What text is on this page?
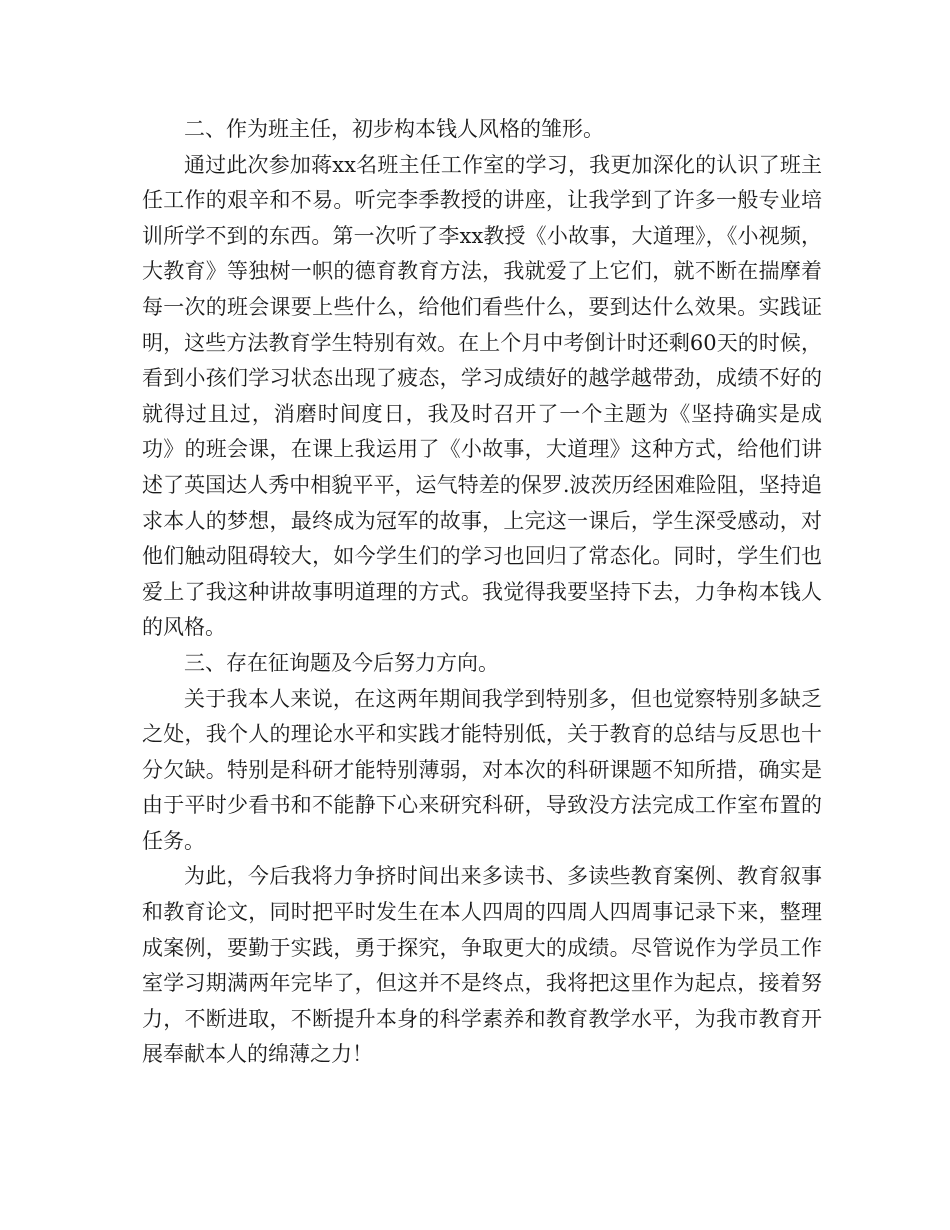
二、作为班主任，初步构本钱人风格的雏形。

通过此次参加蒋xx名班主任工作室的学习，我更加深化的认识了班主任工作的艰辛和不易。听完李季教授的讲座，让我学到了许多一般专业培训所学不到的东西。第一次听了李xx教授《小故事，大道理》，《小视频，大教育》等独树一帜的德育教育方法，我就爱了上它们，就不断在揣摩着每一次的班会课要上些什么，给他们看些什么，要到达什么效果。实践证明，这些方法教育学生特别有效。在上个月中考倒计时还剩60天的时候，看到小孩们学习状态出现了疲态，学习成绩好的越学越带劲，成绩不好的就得过且过，消磨时间度日，我及时召开了一个主题为《坚持确实是成功》的班会课，在课上我运用了《小故事，大道理》这种方式，给他们讲述了英国达人秀中相貌平平，运气特差的保罗.波茨历经困难险阻，坚持追求本人的梦想，最终成为冠军的故事，上完这一课后，学生深受感动，对他们触动阻碍较大，如今学生们的学习也回归了常态化。同时，学生们也爱上了我这种讲故事明道理的方式。我觉得我要坚持下去，力争构本钱人的风格。

三、存在征询题及今后努力方向。

关于我本人来说，在这两年期间我学到特别多，但也觉察特别多缺乏之处，我个人的理论水平和实践才能特别低，关于教育的总结与反思也十分欠缺。特别是科研才能特别薄弱，对本次的科研课题不知所措，确实是由于平时少看书和不能静下心来研究科研，导致没方法完成工作室布置的任务。

为此，今后我将力争挤时间出来多读书、多读些教育案例、教育叙事和教育论文，同时把平时发生在本人四周的四周人四周事记录下来，整理成案例，要勤于实践，勇于探究，争取更大的成绩。尽管说作为学员工作室学习期满两年完毕了，但这并不是终点，我将把这里作为起点，接着努力，不断进取，不断提升本身的科学素养和教育教学水平，为我市教育开展奉献本人的绵薄之力！
